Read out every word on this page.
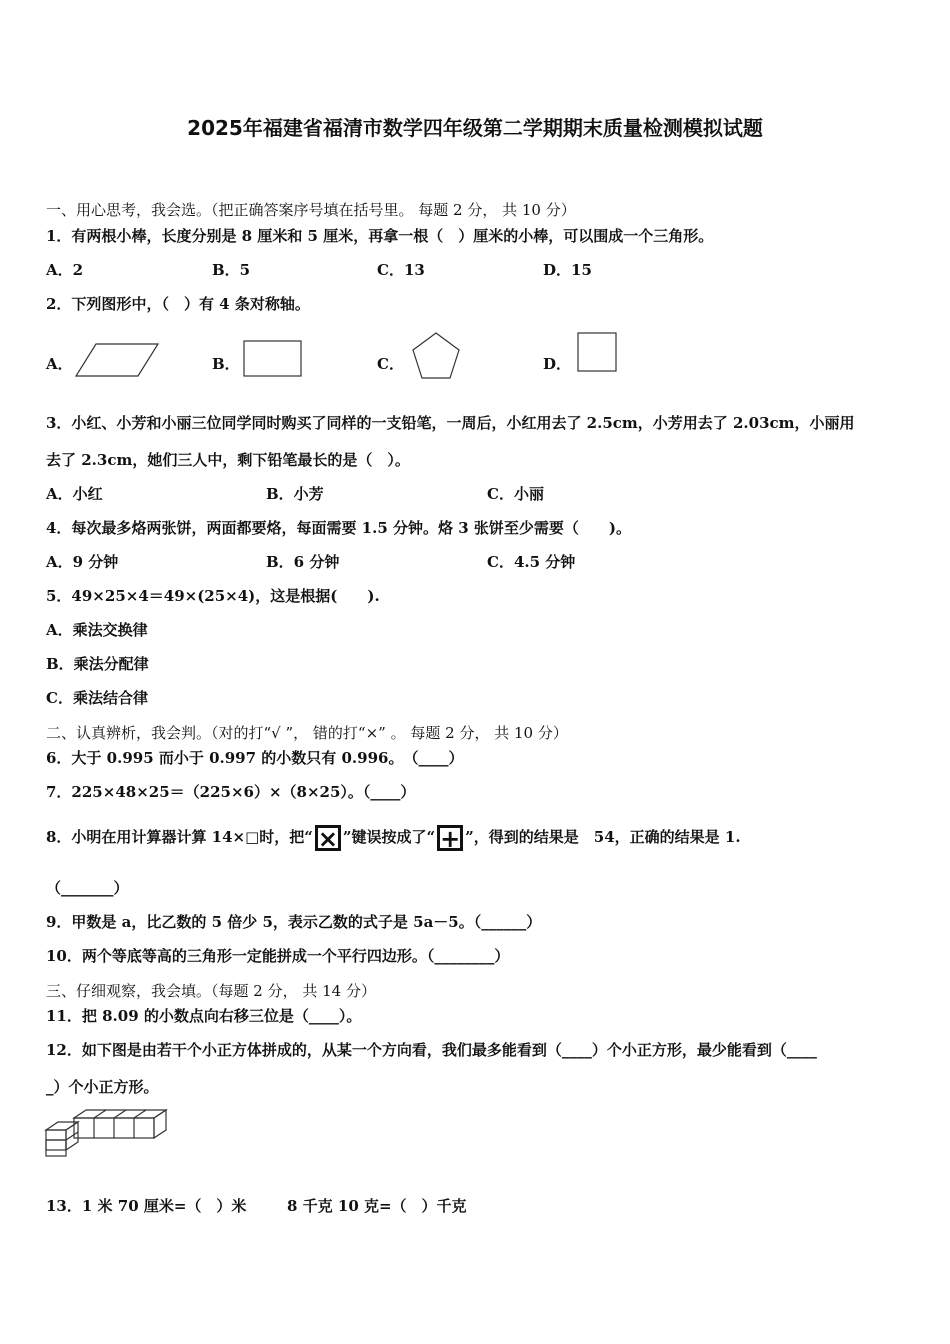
2025年福建省福清市数学四年级第二学期期末质量检测模拟试题
一、用心思考，我会选。（把正确答案序号填在括号里。 每题 2 分， 共 10 分）
1．有两根小棒，长度分别是 8 厘米和 5 厘米，再拿一根（　）厘米的小棒，可以围成一个三角形。
A．2	B．5	C．13	D．15
2．下列图形中，（　）有 4 条对称轴。
A．	B．	C．	D．
3．小红、小芳和小丽三位同学同时购买了同样的一支铅笔，一周后，小红用去了 2.5cm，小芳用去了 2.03cm，小丽用
去了 2.3cm，她们三人中，剩下铅笔最长的是（　）。
A．小红	B．小芳	C．小丽
4．每次最多烙两张饼，两面都要烙，每面需要 1.5 分钟。烙 3 张饼至少需要（　　)。
A．9 分钟	B．6 分钟	C．4.5 分钟
5．49×25×4＝49×(25×4)，这是根据(　　).
A．乘法交换律
B．乘法分配律
C．乘法结合律
二、认真辨析，我会判。（对的打“√ ”， 错的打“×” 。 每题 2 分， 共 10 分）
6．大于 0.995 而小于 0.997 的小数只有 0.996。　（____）
7．225×48×25＝（225×6）×（8×25）。（____）
8．小明在用计算器计算 14×□时，把“ × ”键误按成了“ + ”，得到的结果是　54，正确的结果是 1.
（_______）
9．甲数是 a，比乙数的 5 倍少 5，表示乙数的式子是 5a－5。（______）
10．两个等底等高的三角形一定能拼成一个平行四边形。（________）
三、仔细观察，我会填。（每题 2 分， 共 14 分）
11．把 8.09 的小数点向右移三位是（____）。
12．如下图是由若干个小正方体拼成的，从某一个方向看，我们最多能看到（____）个小正方形，最少能看到（____
_）个小正方形。
13．1 米 70 厘米=（　）米	8 千克 10 克=（　）千克
